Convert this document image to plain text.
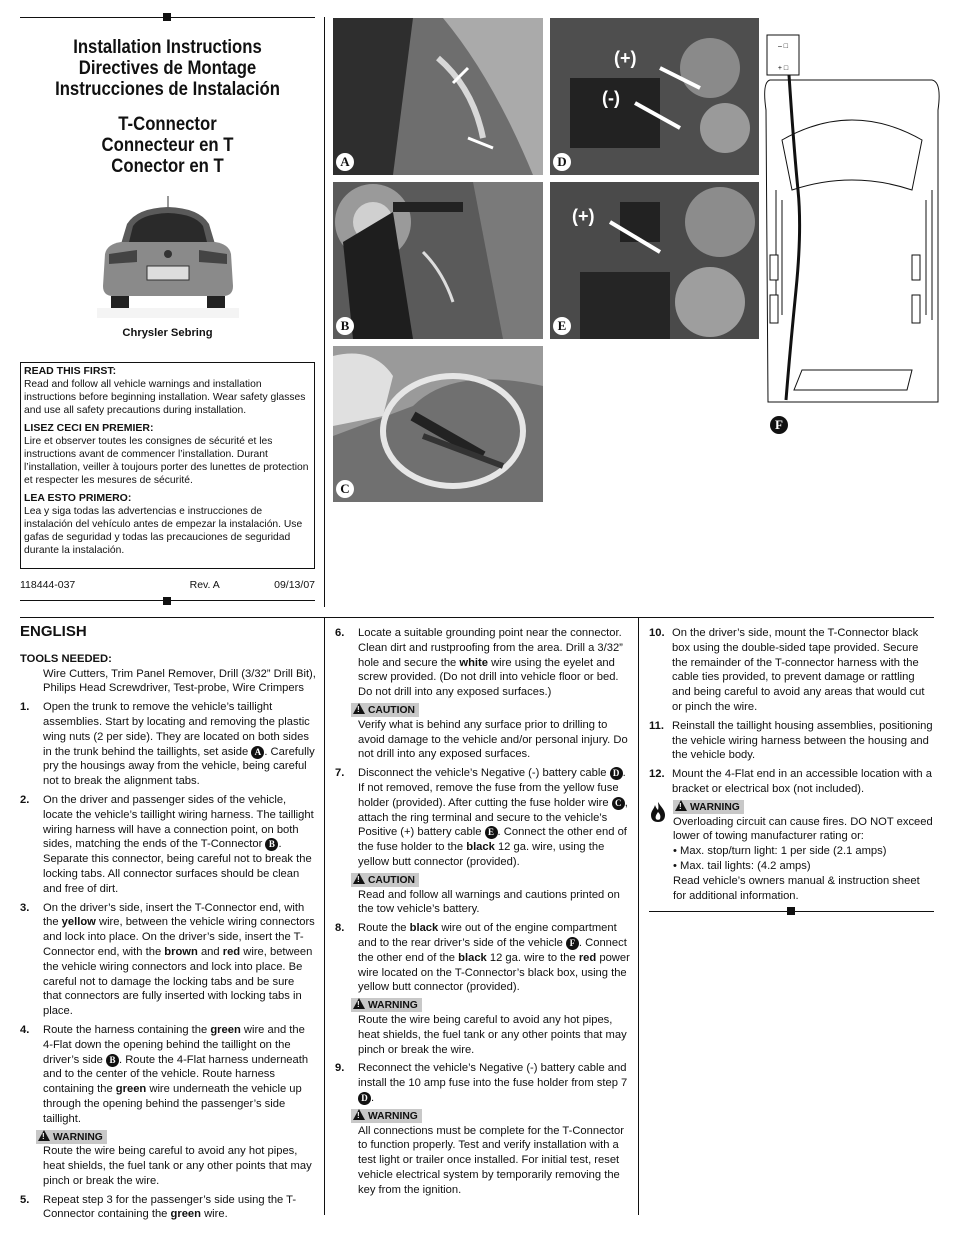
Installation Instructions
Directives de Montage
Instrucciones de Instalación
T-Connector
Connecteur en T
Conector en T
Chrysler Sebring
READ THIS FIRST:

Read and follow all vehicle warnings and installation instructions before beginning installation. Wear safety glasses and use all safety precautions during installation.

LISEZ CECI EN PREMIER:

Lire et observer toutes les consignes de sécurité et les instructions avant de commencer l’installation. Durant l’installation, veiller à toujours porter des lunettes de protection et respecter les mesures de sécurité.

LEA ESTO PRIMERO:

Lea y siga todas las advertencias e instrucciones de instalación del vehículo antes de empezar la instalación. Use gafas de seguridad y todas las precauciones de seguridad durante la instalación.

118444-037	Rev. A	09/13/07
A
(+)
(-)
D
B
(+)
E
C
– □
+ □
F
ENGLISH
TOOLS NEEDED:
Wire Cutters, Trim Panel Remover, Drill (3/32” Drill Bit), Philips Head Screwdriver, Test-probe, Wire Crimpers
1.	Open the trunk to remove the vehicle’s taillight assemblies. Start by locating and removing the plastic wing nuts (2 per side). They are located on both sides in the trunk behind the taillights, set aside A . Carefully pry the housings away from the vehicle, being careful not to break the alignment tabs.
2.	On the driver and passenger sides of the vehicle, locate the vehicle’s taillight wiring harness. The taillight wiring harness will have a connection point, on both sides, matching the ends of the T-Connector B . Separate this connector, being careful not to break the locking tabs. All connector surfaces should be clean and free of dirt.
3.	On the driver’s side, insert the T-Connector end, with the yellow wire, between the vehicle wiring connectors and lock into place. On the driver’s side, insert the T-Connector end, with the brown and red wire, between the vehicle wiring connectors and lock into place. Be careful not to damage the locking tabs and be sure that connectors are fully inserted with locking tabs in place.
4.	Route the harness containing the green wire and the 4-Flat down the opening behind the taillight on the driver’s side B . Route the 4-Flat harness underneath and to the center of the vehicle. Route harness containing the green wire underneath the vehicle up through the opening behind the passenger’s side taillight.
!WARNING
Route the wire being careful to avoid any hot pipes, heat shields, the fuel tank or any other points that may pinch or break the wire.
5.	Repeat step 3 for the passenger’s side using the T-Connector containing the green wire.
6.	Locate a suitable grounding point near the connector. Clean dirt and rustproofing from the area. Drill a 3/32” hole and secure the white wire using the eyelet and screw provided. (Do not drill into vehicle floor or bed. Do not drill into any exposed surfaces.)
!CAUTION
Verify what is behind any surface prior to drilling to avoid damage to the vehicle and/or personal injury. Do not drill into any exposed surfaces.
7.	Disconnect the vehicle’s Negative (-) battery cable D . If not removed, remove the fuse from the yellow fuse holder (provided). After cutting the fuse holder wire C , attach the ring terminal and secure to the vehicle’s Positive (+) battery cable E . Connect the other end of the fuse holder to the black 12 ga. wire, using the yellow butt connector (provided).
!CAUTION
Read and follow all warnings and cautions printed on the tow vehicle’s battery.
8.	Route the black wire out of the engine compartment and to the rear driver’s side of the vehicle F . Connect the other end of the black 12 ga. wire to the red power wire located on the T-Connector’s black box, using the yellow butt connector (provided).
!WARNING
Route the wire being careful to avoid any hot pipes, heat shields, the fuel tank or any other points that may pinch or break the wire.
9.	Reconnect the vehicle’s Negative (-) battery cable and install the 10 amp fuse into the fuse holder from step 7 D .
!WARNING
All connections must be complete for the T-Connector to function properly. Test and verify installation with a test light or trailer once installed. For initial test, reset vehicle electrical system by temporarily removing the key from the ignition.
10. On the driver’s side, mount the T-Connector black box using the double-sided tape provided. Secure the remainder of the T-connector harness with the cable ties provided, to prevent damage or rattling and being careful to avoid any areas that would cut or pinch the wire.
11. Reinstall the taillight housing assemblies, positioning the vehicle wiring harness between the housing and the vehicle body.
12. Mount the 4-Flat end in an accessible location with a bracket or electrical box (not included).
!WARNING
Overloading circuit can cause fires. DO NOT exceed lower of towing manufacturer rating or:
• Max. stop/turn light: 1 per side (2.1 amps)
• Max. tail lights: (4.2 amps)
Read vehicle’s owners manual & instruction sheet for additional information.
